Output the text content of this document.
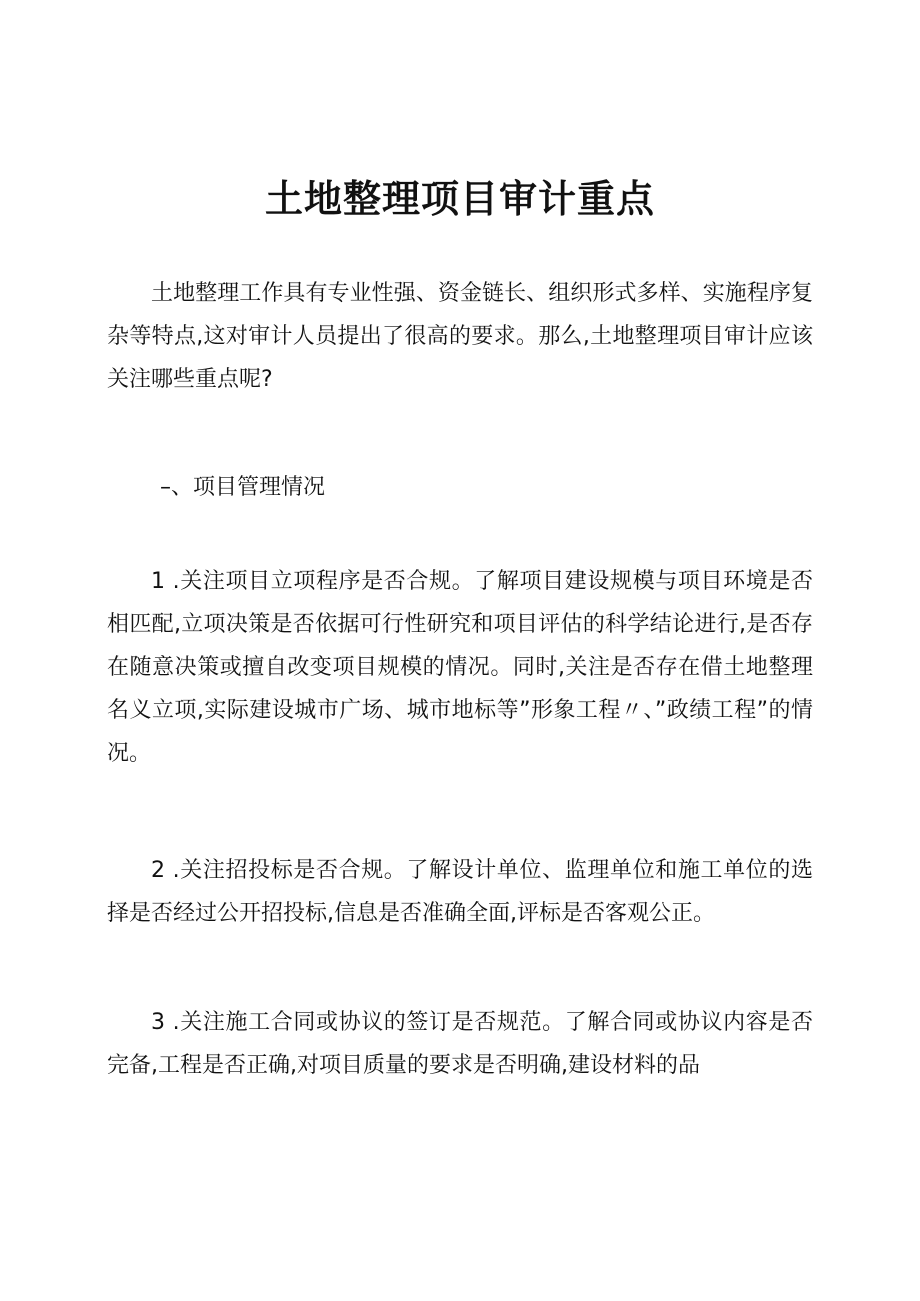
土地整理项目审计重点

土地整理工作具有专业性强、资金链长、组织形式多样、实施程序复杂等特点,这对审计人员提出了很高的要求。那么,土地整理项目审计应该关注哪些重点呢?

–、项目管理情况

1 .关注项目立项程序是否合规。了解项目建设规模与项目环境是否相匹配,立项决策是否依据可行性研究和项目评估的科学结论进行,是否存在随意决策或擅自改变项目规模的情况。同时,关注是否存在借土地整理名义立项,实际建设城市广场、城市地标等”形象工程〃、”政绩工程”的情况。

2 .关注招投标是否合规。了解设计单位、监理单位和施工单位的选择是否经过公开招投标,信息是否准确全面,评标是否客观公正。

3 .关注施工合同或协议的签订是否规范。了解合同或协议内容是否完备,工程是否正确,对项目质量的要求是否明确,建设材料的品
